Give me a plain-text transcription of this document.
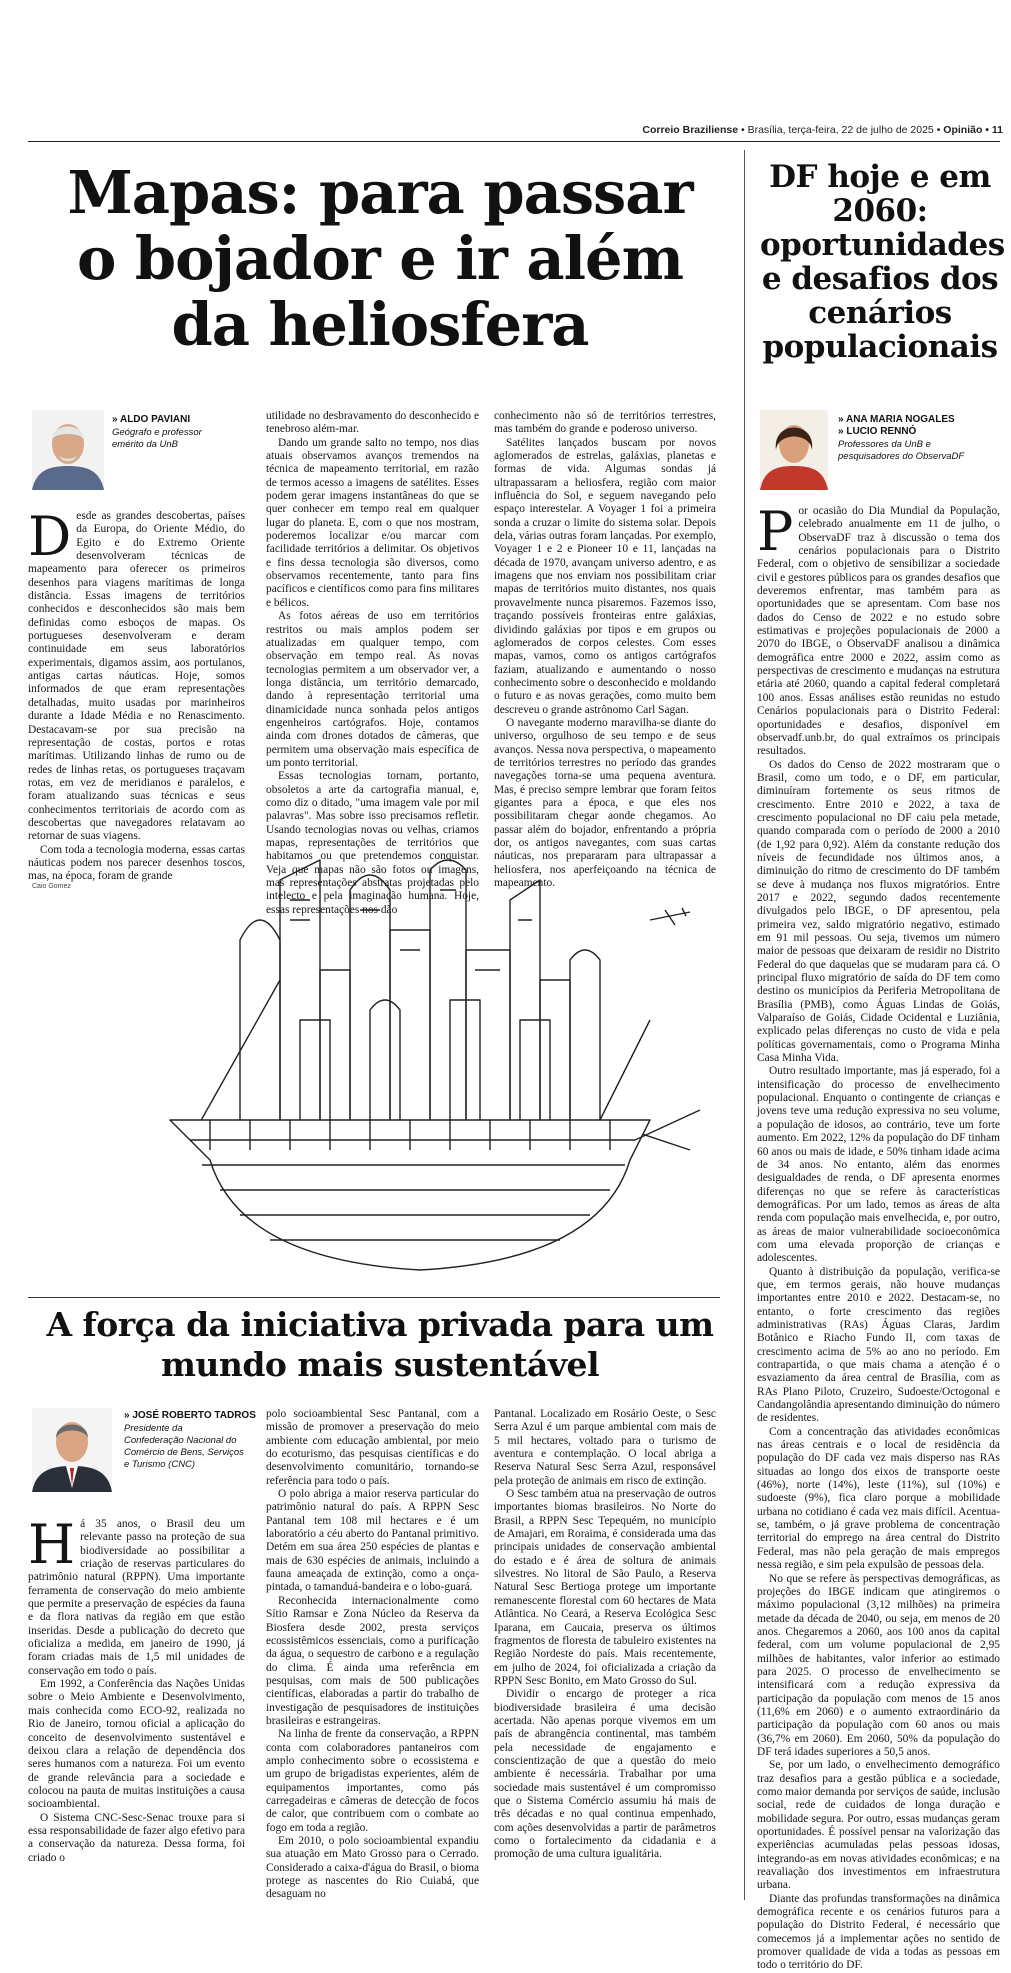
Correio Braziliense • Brasília, terça-feira, 22 de julho de 2025 • Opinião • 11
Mapas: para passar o bojador e ir além da heliosfera
» ALDO PAVIANI
Geógrafo e professor emérito da UnB

Desde as grandes descobertas, países da Europa, do Oriente Médio, do Egito e do Extremo Oriente desenvolveram técnicas de mapeamento para oferecer os primeiros desenhos para viagens marítimas de longa distância. Essas imagens de territórios conhecidos e desconhecidos são mais bem definidas como esboços de mapas. Os portugueses desenvolveram e deram continuidade em seus laboratórios experimentais, digamos assim, aos portulanos, antigas cartas náuticas. Hoje, somos informados de que eram representações detalhadas, muito usadas por marinheiros durante a Idade Média e no Renascimento. Destacavam-se por sua precisão na representação de costas, portos e rotas marítimas. Utilizando linhas de rumo ou de redes de linhas retas, os portugueses traçavam rotas, em vez de meridianos e paralelos, e foram atualizando suas técnicas e seus conhecimentos territoriais de acordo com as descobertas que navegadores relatavam ao retornar de suas viagens.

Com toda a tecnologia moderna, essas cartas náuticas podem nos parecer desenhos toscos, mas, na época, foram de grande

utilidade no desbravamento do desconhecido e tenebroso além-mar.

Dando um grande salto no tempo, nos dias atuais observamos avanços tremendos na técnica de mapeamento territorial, em razão de termos acesso a imagens de satélites. Esses podem gerar imagens instantâneas do que se quer conhecer em tempo real em qualquer lugar do planeta. E, com o que nos mostram, poderemos localizar e/ou marcar com facilidade territórios a delimitar. Os objetivos e fins dessa tecnologia são diversos, como observamos recentemente, tanto para fins pacíficos e científicos como para fins militares e bélicos.

As fotos aéreas de uso em territórios restritos ou mais amplos podem ser atualizadas em qualquer tempo, com observação em tempo real. As novas tecnologias permitem a um observador ver, a longa distância, um território demarcado, dando à representação territorial uma dinamicidade nunca sonhada pelos antigos engenheiros cartógrafos. Hoje, contamos ainda com drones dotados de câmeras, que permitem uma observação mais específica de um ponto territorial.

Essas tecnologias tornam, portanto, obsoletos a arte da cartografia manual, e, como diz o ditado, "uma imagem vale por mil palavras". Mas sobre isso precisamos refletir. Usando tecnologias novas ou velhas, criamos mapas, representações de territórios que habitamos ou que pretendemos conquistar. Veja que mapas não são fotos ou imagens, mas representações abstratas projetadas pelo intelecto e pela imaginação humana. Hoje, essas representações nos dão

conhecimento não só de territórios terrestres, mas também do grande e poderoso universo.

Satélites lançados buscam por novos aglomerados de estrelas, galáxias, planetas e formas de vida. Algumas sondas já ultrapassaram a heliosfera, região com maior influência do Sol, e seguem navegando pelo espaço interestelar. A Voyager 1 foi a primeira sonda a cruzar o limite do sistema solar. Depois dela, várias outras foram lançadas. Por exemplo, Voyager 1 e 2 e Pioneer 10 e 11, lançadas na década de 1970, avançam universo adentro, e as imagens que nos enviam nos possibilitam criar mapas de territórios muito distantes, nos quais provavelmente nunca pisaremos. Fazemos isso, traçando possíveis fronteiras entre galáxias, dividindo galáxias por tipos e em grupos ou aglomerados de corpos celestes. Com esses mapas, vamos, como os antigos cartógrafos faziam, atualizando e aumentando o nosso conhecimento sobre o desconhecido e moldando o futuro e as novas gerações, como muito bem descreveu o grande astrônomo Carl Sagan.

O navegante moderno maravilha-se diante do universo, orgulhoso de seu tempo e de seus avanços. Nessa nova perspectiva, o mapeamento de territórios terrestres no período das grandes navegações torna-se uma pequena aventura. Mas, é preciso sempre lembrar que foram feitos gigantes para a época, e que eles nos possibilitaram chegar aonde chegamos. Ao passar além do bojador, enfrentando a própria dor, os antigos navegantes, com suas cartas náuticas, nos prepararam para ultrapassar a heliosfera, nos aperfeiçoando na técnica de mapeamento.

Caio Gomez
A força da iniciativa privada para um mundo mais sustentável
» JOSÉ ROBERTO TADROS
Presidente da Confederação Nacional do Comércio de Bens, Serviços e Turismo (CNC)

Há 35 anos, o Brasil deu um relevante passo na proteção de sua biodiversidade ao possibilitar a criação de reservas particulares do patrimônio natural (RPPN). Uma importante ferramenta de conservação do meio ambiente que permite a preservação de espécies da fauna e da flora nativas da região em que estão inseridas. Desde a publicação do decreto que oficializa a medida, em janeiro de 1990, já foram criadas mais de 1,5 mil unidades de conservação em todo o país.

Em 1992, a Conferência das Nações Unidas sobre o Meio Ambiente e Desenvolvimento, mais conhecida como ECO-92, realizada no Rio de Janeiro, tornou oficial a aplicação do conceito de desenvolvimento sustentável e deixou clara a relação de dependência dos seres humanos com a natureza. Foi um evento de grande relevância para a sociedade e colocou na pauta de muitas instituições a causa socioambiental.

O Sistema CNC-Sesc-Senac trouxe para si essa responsabilidade de fazer algo efetivo para a conservação da natureza. Dessa forma, foi criado o

polo socioambiental Sesc Pantanal, com a missão de promover a preservação do meio ambiente com educação ambiental, por meio do ecoturismo, das pesquisas científicas e do desenvolvimento comunitário, tornando-se referência para todo o país.

O polo abriga a maior reserva particular do patrimônio natural do país. A RPPN Sesc Pantanal tem 108 mil hectares e é um laboratório a céu aberto do Pantanal primitivo. Detém em sua área 250 espécies de plantas e mais de 630 espécies de animais, incluindo a fauna ameaçada de extinção, como a onça-pintada, o tamanduá-bandeira e o lobo-guará.

Reconhecida internacionalmente como Sítio Ramsar e Zona Núcleo da Reserva da Biosfera desde 2002, presta serviços ecossistêmicos essenciais, como a purificação da água, o sequestro de carbono e a regulação do clima. É ainda uma referência em pesquisas, com mais de 500 publicações científicas, elaboradas a partir do trabalho de investigação de pesquisadores de instituições brasileiras e estrangeiras.

Na linha de frente da conservação, a RPPN conta com colaboradores pantaneiros com amplo conhecimento sobre o ecossistema e um grupo de brigadistas experientes, além de equipamentos importantes, como pás carregadeiras e câmeras de detecção de focos de calor, que contribuem com o combate ao fogo em toda a região.

Em 2010, o polo socioambiental expandiu sua atuação em Mato Grosso para o Cerrado. Considerado a caixa-d'água do Brasil, o bioma protege as nascentes do Rio Cuiabá, que desaguam no

Pantanal. Localizado em Rosário Oeste, o Sesc Serra Azul é um parque ambiental com mais de 5 mil hectares, voltado para o turismo de aventura e contemplação. O local abriga a Reserva Natural Sesc Serra Azul, responsável pela proteção de animais em risco de extinção.

O Sesc também atua na preservação de outros importantes biomas brasileiros. No Norte do Brasil, a RPPN Sesc Tepequém, no município de Amajari, em Roraima, é considerada uma das principais unidades de conservação ambiental do estado e é área de soltura de animais silvestres. No litoral de São Paulo, a Reserva Natural Sesc Bertioga protege um importante remanescente florestal com 60 hectares de Mata Atlântica. No Ceará, a Reserva Ecológica Sesc Iparana, em Caucaia, preserva os últimos fragmentos de floresta de tabuleiro existentes na Região Nordeste do país. Mais recentemente, em julho de 2024, foi oficializada a criação da RPPN Sesc Bonito, em Mato Grosso do Sul.

Dividir o encargo de proteger a rica biodiversidade brasileira é uma decisão acertada. Não apenas porque vivemos em um país de abrangência continental, mas também pela necessidade de engajamento e conscientização de que a questão do meio ambiente é necessária. Trabalhar por uma sociedade mais sustentável é um compromisso que o Sistema Comércio assumiu há mais de três décadas e no qual continua empenhado, com ações desenvolvidas a partir de parâmetros como o fortalecimento da cidadania e a promoção de uma cultura igualitária.

DF hoje e em 2060: oportunidades e desafios dos cenários populacionais
» ANA MARIA NOGALES
» LUCIO RENNÓ
Professores da UnB e pesquisadores do ObservaDF

Por ocasião do Dia Mundial da População, celebrado anualmente em 11 de julho, o ObservaDF traz à discussão o tema dos cenários populacionais para o Distrito Federal, com o objetivo de sensibilizar a sociedade civil e gestores públicos para os grandes desafios que deveremos enfrentar, mas também para as oportunidades que se apresentam. Com base nos dados do Censo de 2022 e no estudo sobre estimativas e projeções populacionais de 2000 a 2070 do IBGE, o ObservaDF analisou a dinâmica demográfica entre 2000 e 2022, assim como as perspectivas de crescimento e mudanças na estrutura etária até 2060, quando a capital federal completará 100 anos. Essas análises estão reunidas no estudo Cenários populacionais para o Distrito Federal: oportunidades e desafios, disponível em observadf.unb.br, do qual extraímos os principais resultados.

Os dados do Censo de 2022 mostraram que o Brasil, como um todo, e o DF, em particular, diminuíram fortemente os seus ritmos de crescimento. Entre 2010 e 2022, a taxa de crescimento populacional no DF caiu pela metade, quando comparada com o período de 2000 a 2010 (de 1,92 para 0,92). Além da constante redução dos níveis de fecundidade nos últimos anos, a diminuição do ritmo de crescimento do DF também se deve à mudança nos fluxos migratórios. Entre 2017 e 2022, segundo dados recentemente divulgados pelo IBGE, o DF apresentou, pela primeira vez, saldo migratório negativo, estimado em 91 mil pessoas. Ou seja, tivemos um número maior de pessoas que deixaram de residir no Distrito Federal do que daquelas que se mudaram para cá. O principal fluxo migratório de saída do DF tem como destino os municípios da Periferia Metropolitana de Brasília (PMB), como Águas Lindas de Goiás, Valparaíso de Goiás, Cidade Ocidental e Luziânia, explicado pelas diferenças no custo de vida e pela políticas governamentais, como o Programa Minha Casa Minha Vida.

Outro resultado importante, mas já esperado, foi a intensificação do processo de envelhecimento populacional. Enquanto o contingente de crianças e jovens teve uma redução expressiva no seu volume, a população de idosos, ao contrário, teve um forte aumento. Em 2022, 12% da população do DF tinham 60 anos ou mais de idade, e 50% tinham idade acima de 34 anos. No entanto, além das enormes desigualdades de renda, o DF apresenta enormes diferenças no que se refere às características demográficas. Por um lado, temos as áreas de alta renda com população mais envelhecida, e, por outro, as áreas de maior vulnerabilidade socioeconômica com uma elevada proporção de crianças e adolescentes.

Quanto à distribuição da população, verifica-se que, em termos gerais, não houve mudanças importantes entre 2010 e 2022. Destacam-se, no entanto, o forte crescimento das regiões administrativas (RAs) Águas Claras, Jardim Botânico e Riacho Fundo II, com taxas de crescimento acima de 5% ao ano no período. Em contrapartida, o que mais chama a atenção é o esvaziamento da área central de Brasília, com as RAs Plano Piloto, Cruzeiro, Sudoeste/Octogonal e Candangolândia apresentando diminuição do número de residentes.

Com a concentração das atividades econômicas nas áreas centrais e o local de residência da população do DF cada vez mais disperso nas RAs situadas ao longo dos eixos de transporte oeste (46%), norte (14%), leste (11%), sul (10%) e sudoeste (9%), fica claro porque a mobilidade urbana no cotidiano é cada vez mais difícil. Acentua-se, também, o já grave problema de concentração territorial do emprego na área central do Distrito Federal, mas não pela geração de mais empregos nessa região, e sim pela expulsão de pessoas dela.

No que se refere às perspectivas demográficas, as projeções do IBGE indicam que atingiremos o máximo populacional (3,12 milhões) na primeira metade da década de 2040, ou seja, em menos de 20 anos. Chegaremos a 2060, aos 100 anos da capital federal, com um volume populacional de 2,95 milhões de habitantes, valor inferior ao estimado para 2025. O processo de envelhecimento se intensificará com a redução expressiva da participação da população com menos de 15 anos (11,6% em 2060) e o aumento extraordinário da participação da população com 60 anos ou mais (36,7% em 2060). Em 2060, 50% da população do DF terá idades superiores a 50,5 anos.

Se, por um lado, o envelhecimento demográfico traz desafios para a gestão pública e a sociedade, como maior demanda por serviços de saúde, inclusão social, rede de cuidados de longa duração e mobilidade segura. Por outro, essas mudanças geram oportunidades. É possível pensar na valorização das experiências acumuladas pelas pessoas idosas, integrando-as em novas atividades econômicas; e na reavaliação dos investimentos em infraestrutura urbana.

Diante das profundas transformações na dinâmica demográfica recente e os cenários futuros para a população do Distrito Federal, é necessário que comecemos já a implementar ações no sentido de promover qualidade de vida a todas as pessoas em todo o território do DF.
